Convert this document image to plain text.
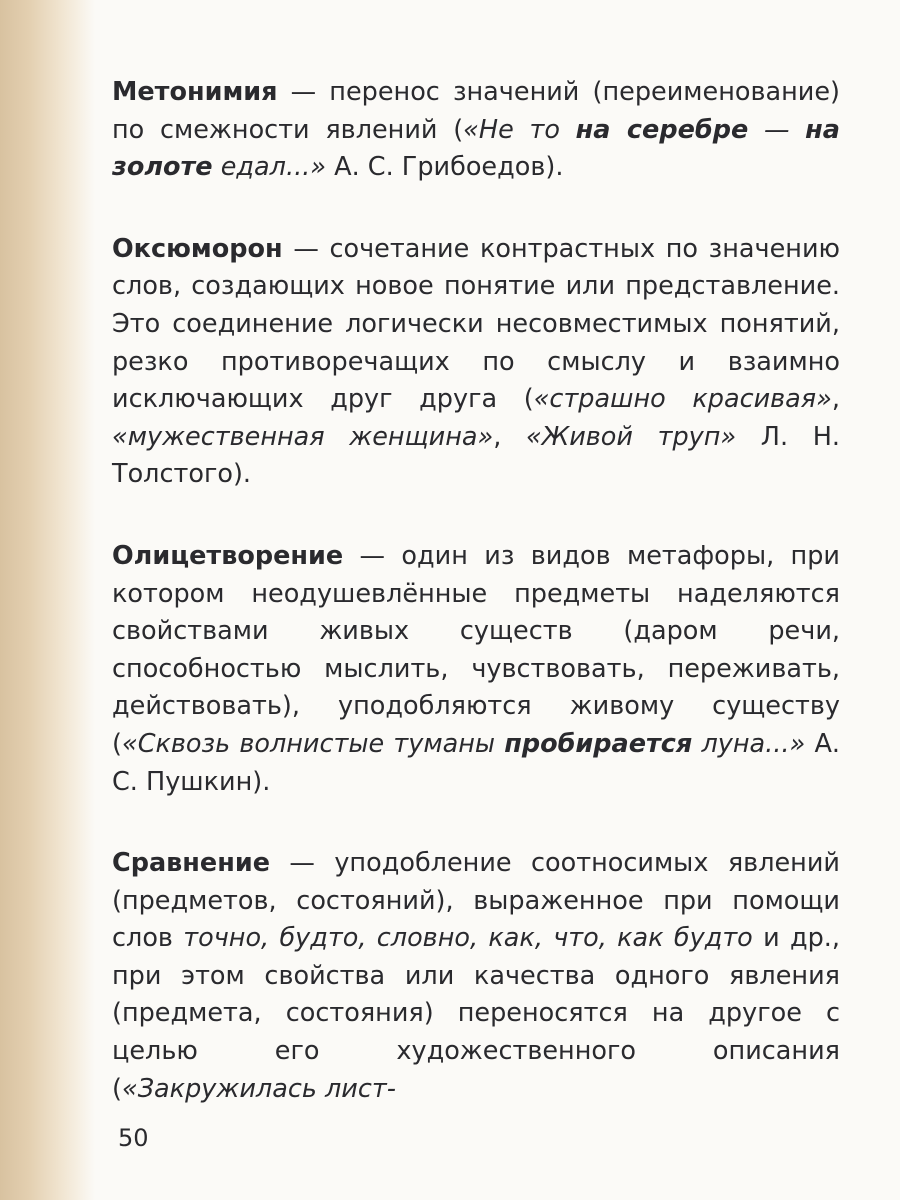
Метонимия — перенос значений (переименование) по смежности явлений («Не то на серебре — на золоте едал...» А. С. Грибоедов).

Оксюморон — сочетание контрастных по значению слов, создающих новое понятие или представление. Это соединение логически несовместимых понятий, резко противоречащих по смыслу и взаимно исключающих друг друга («страшно красивая», «мужественная женщина», «Живой труп» Л. Н. Толстого).

Олицетворение — один из видов метафоры, при котором неодушевлённые предметы наделяются свойствами живых существ (даром речи, способностью мыслить, чувствовать, переживать, действовать), уподобляются живому существу («Сквозь волнистые туманы пробирается луна...» А. С. Пушкин).

Сравнение — уподобление соотносимых явлений (предметов, состояний), выраженное при помощи слов точно, будто, словно, как, что, как будто и др., при этом свойства или качества одного явления (предмета, состояния) переносятся на другое с целью его художественного описания («Закружилась лист-

50
